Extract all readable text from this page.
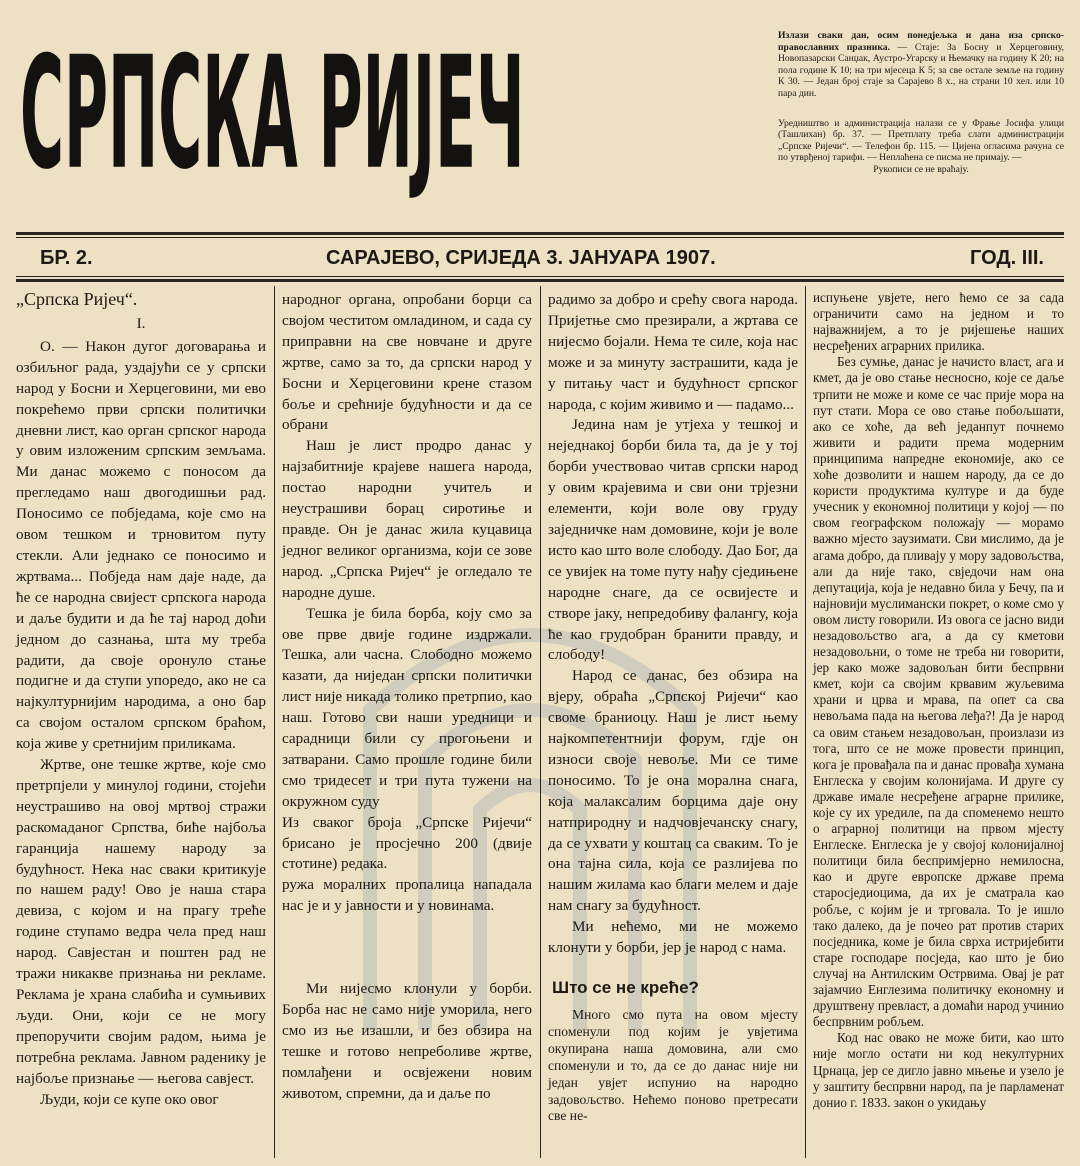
СРПСКА РИЈЕЧ	Излази сваки дан, осим понедјељка и дана иза српско-православних празника. — Стаје: За Босну и Херцеговину, Новопазарски Санџак, Аустро-Угарску и Њемачку на годину К 20; на пола године К 10; на три мјесеца К 5; за све остале земље на годину К 30. — Један број стаје за Сарајево 8 х., на страни 10 хел. или 10 пара дин.

Уредништво и администрација налази се у Фрање Јосифа улици (Ташлихан) бр. 37. — Претплату треба слати администрацији „Српске Ријечи“. — Телефон бр. 115. — Цијена огласима рачуна се по утврђеној тарифи. — Неплаћена се писма не примају. —

Рукописи се не враћају.

БР. 2.	САРАЈЕВО, СРИЈЕДА 3. ЈАНУАРА 1907.	ГОД. III.

„Српска Ријеч“.

I.

О. — Након дугог договарања и озбиљног рада, уздајући се у српски народ у Босни и Херцеговини, ми ево покрећемо први српски политички дневни лист, као орган српског народа у овим изложеним српским земљама. Ми данас можемо с поносом да прегледамо наш двогодишњи рад. Поносимо се побједама, које смо на овом тешком и трновитом путу стекли. Али једнако се поносимо и жртвама... Побједа нам даје наде, да ће се народна свијест српскога народа и даље будити и да ће тај народ доћи једном до сазнања, шта му треба радити, да своје оронуло стање подигне и да ступи упоредо, ако не са најкултурнијим народима, а оно бар са својом осталом српском браћом, која живе у сретнијим приликама.

Жртве, оне тешке жртве, које смо претрпјели у минулој години, стојећи неустрашиво на овој мртвој стражи раскомаданог Српства, биће најбоља гаранција нашему народу за будућност. Нека нас сваки критикује по нашем раду! Ово је наша стара девиза, с којом и на прагу треће године ступамо ведра чела пред наш народ. Савјестан и поштен рад не тражи никакве признања ни рекламе. Реклама је храна слабића и сумњивих људи. Они, који се не могу препоручити својим радом, њима је потребна реклама. Јавном раденику је најбоље признање — његова савјест.

Људи, који се купе око овог

народног органа, опробани борци са својом честитом омладином, и сада су приправни на све новчане и друге жртве, само за то, да српски народ у Босни и Херцеговини крене стазом боље и срећније будућности и да се обрани

Наш је лист продро данас у најзабитније крајеве нашега народа, постао народни учитељ и неустрашиви борац сиротиње и правде. Он је данас жила куцавица једног великог организма, који се зове народ. „Српска Ријеч“ је огледало те народне душе.

Тешка је била борба, коју смо за ове прве двије године издржали. Тешка, али часна. Слободно можемо казати, да ниједан српски политички лист није никада толико претрпио, као наш. Готово сви наши уредници и сарадници били су прогоњени и затварани. Само прошле године били смо тридесет и три пута тужени на окружном суду

Из сваког броја „Српске Ријечи“ брисано је просјечно 200 (двије стотине) редака.

ружа моралних пропалица нападала нас је и у јавности и у новинама.

Ми нијесмо клонули у борби. Борба нас не само није уморила, него смо из ње изашли, и без обзира на тешке и готово непреболиве жртве, помлађени и освјежени новим животом, спремни, да и даље по

радимо за добро и срећу свога народа. Пријетње смо презирали, а жртава се нијесмо бојали. Нема те силе, која нас може и за минуту застрашити, када је у питању част и будућност српског народа, с којим живимо и — падамо...

Једина нам је утјеха у тешкој и неједнакој борби била та, да је у тој борби учествовао читав српски народ у овим крајевима и сви они трјезни елементи, који воле ову груду заједничке нам домовине, који је воле исто као што воле слободу. Дао Бог, да се увијек на томе путу нађу сједињене народне снаге, да се освијесте и створе јаку, непредобиву фалангу, која ће као грудобран бранити правду, и слободу!

Народ се данас, без обзира на вјеру, обраћа „Српској Ријечи“ као своме браниоцу. Наш је лист њему најкомпетентнији форум, гдје он износи своје невоље. Ми се тиме поносимо. То је она морална снага, која малаксалим борцима даје ону натприродну и надчовјечанску снагу, да се ухвати у коштац са сваким. То је она тајна сила, која се разлијева по нашим жилама као благи мелем и даје нам снагу за будућност.

Ми нећемо, ми не можемо клонути у борби, јер је народ с нама.

Што се не креће?

Много смо пута на овом мјесту споменули под којим је увјетима окупирана наша домовина, али смо споменули и то, да се до данас није ни један увјет испунио на народно задовољство. Нећемо поново претресати све не-

испуњене увјете, него ћемо се за сада ограничити само на једном и то најважнијем, а то је ријешење наших несређених аграрних прилика.

Без сумње, данас је начисто власт, ага и кмет, да је ово стање несносно, које се даље трпити не може и коме се час прије мора на пут стати. Мора се ово стање побољшати, ако се хоће, да већ једанпут почнемо живити и радити према модерним принципима напредне економије, ако се хоће дозволити и нашем народу, да се до користи продуктима културе и да буде учесник у економној политици у којој — по свом географском положају — морамо важно мјесто заузимати. Сви мислимо, да је агама добро, да пливају у мору задовољства, али да није тако, свједочи нам она депутација, која је недавно била у Бечу, па и најновији муслимански покрет, о коме смо у овом листу говорили. Из овога се јасно види незадовољство ага, а да су кметови незадовољни, о томе не треба ни говорити, јер како може задовољан бити беспрвни кмет, који са својим крвавим жуљевима храни и црва и мрава, па опет са сва невољама пада на његова леђа?! Да је народ са овим стањем незадовољан, произлази из тога, што се не може провести принцип, кога је провађала па и данас провађа хумана Енглеска у својим колонијама. И друге су државе имале несређене аграрне прилике, које су их уредиле, па да споменемо нешто о аграрној политици на првом мјесту Енглеске. Енглеска је у својој колонијалној политици била беспримјерно немилосна, као и друге европске државе према старосједиоцима, да их је сматрала као робље, с којим је и трговала. То је ишло тако далеко, да је почео рат против старих посједника, коме је била сврха истријебити старе господаре посједа, као што је био случај на Антилским Острвима. Овај је рат зајамчио Енглезима политичку економну и друштвену превласт, а домаћи народ учинио беспрвним робљем.

Код нас овако не може бити, као што није могло остати ни код некултурних Црнаца, јер се дигло јавно мњење и узело је у заштиту беспрвни народ, па је парламенат донио г. 1833. закон о укидању
